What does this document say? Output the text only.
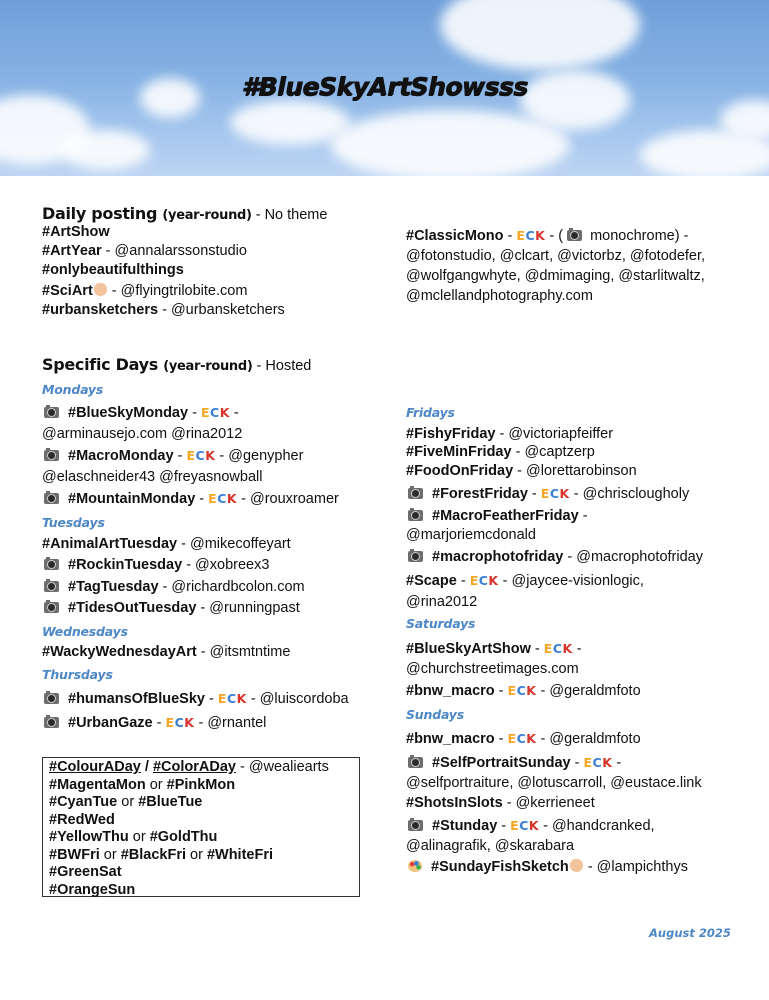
#BlueSkyArtShowsss
Daily posting (year-round) - No theme
#ArtShow
#ArtYear - @annalarssonstudio
#onlybeautifulthings
#SciArt - @flyingtrilobite.com
#urbansketchers - @urbansketchers
#ClassicMono - ECK - (  monochrome) -
@fotonstudio, @clcart, @victorbz, @fotodefer,
@wolfgangwhyte, @dmimaging, @starlitwaltz,
@mclellandphotography.com
Specific Days (year-round) - Hosted
Mondays
#BlueSkyMonday - ECK -
@arminausejo.com @rina2012
#MacroMonday - ECK - @genypher
@elaschneider43 @freyasnowball
#MountainMonday - ECK - @rouxroamer
Tuesdays
#AnimalArtTuesday - @mikecoffeyart
#RockinTuesday - @xobreex3
#TagTuesday - @richardbcolon.com
#TidesOutTuesday - @runningpast
Wednesdays
#WackyWednesdayArt - @itsmtntime
Thursdays
#humansOfBlueSky - ECK - @luiscordoba
#UrbanGaze - ECK - @rnantel
#ColourADay / #ColorADay - @wealiearts
#MagentaMon or #PinkMon
#CyanTue or #BlueTue
#RedWed
#YellowThu or #GoldThu
#BWFri or #BlackFri or #WhiteFri
#GreenSat
#OrangeSun
Fridays
#FishyFriday - @victoriapfeiffer
#FiveMinFriday - @captzerp
#FoodOnFriday - @lorettarobinson
#ForestFriday - ECK - @chrisclougholy
#MacroFeatherFriday -
@marjoriemcdonald
#macrophotofriday - @macrophotofriday
#Scape - ECK - @jaycee-visionlogic,
@rina2012
Saturdays
#BlueSkyArtShow - ECK -
@churchstreetimages.com
#bnw_macro - ECK - @geraldmfoto
Sundays
#bnw_macro - ECK - @geraldmfoto
#SelfPortraitSunday - ECK -
@selfportraiture, @lotuscarroll, @eustace.link
#ShotsInSlots - @kerrieneet
#Stunday - ECK - @handcranked,
@alinagrafik, @skarabara
#SundayFishSketch - @lampichthys
August 2025
